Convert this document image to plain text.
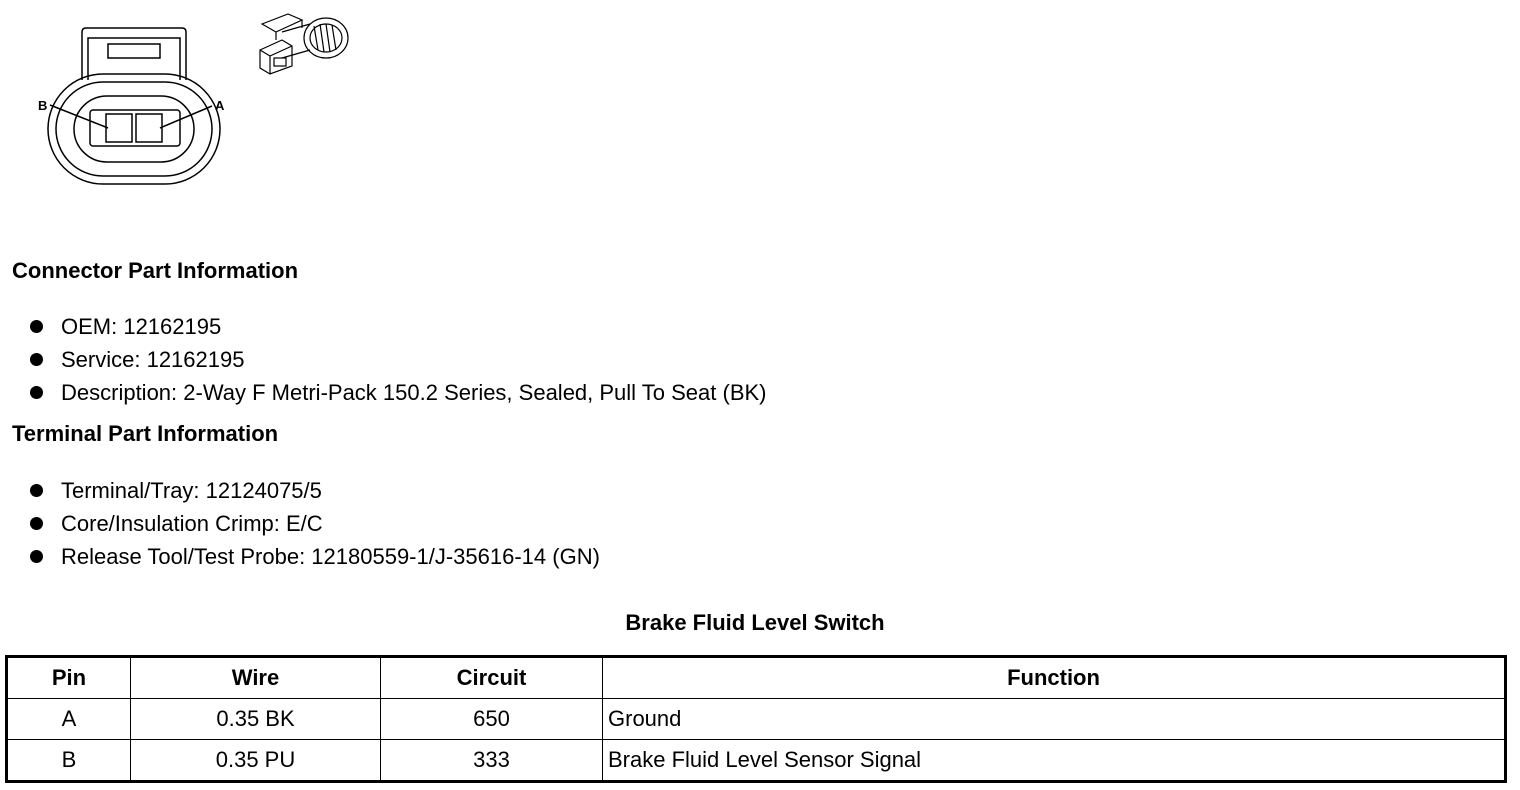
B	A
Connector Part Information
OEM: 12162195
Service: 12162195
Description: 2-Way F Metri-Pack 150.2 Series, Sealed, Pull To Seat (BK)
Terminal Part Information
Terminal/Tray: 12124075/5
Core/Insulation Crimp: E/C
Release Tool/Test Probe: 12180559-1/J-35616-14 (GN)
Brake Fluid Level Switch
Pin	Wire	Circuit	Function
A	0.35 BK	650	Ground
B	0.35 PU	333	Brake Fluid Level Sensor Signal
